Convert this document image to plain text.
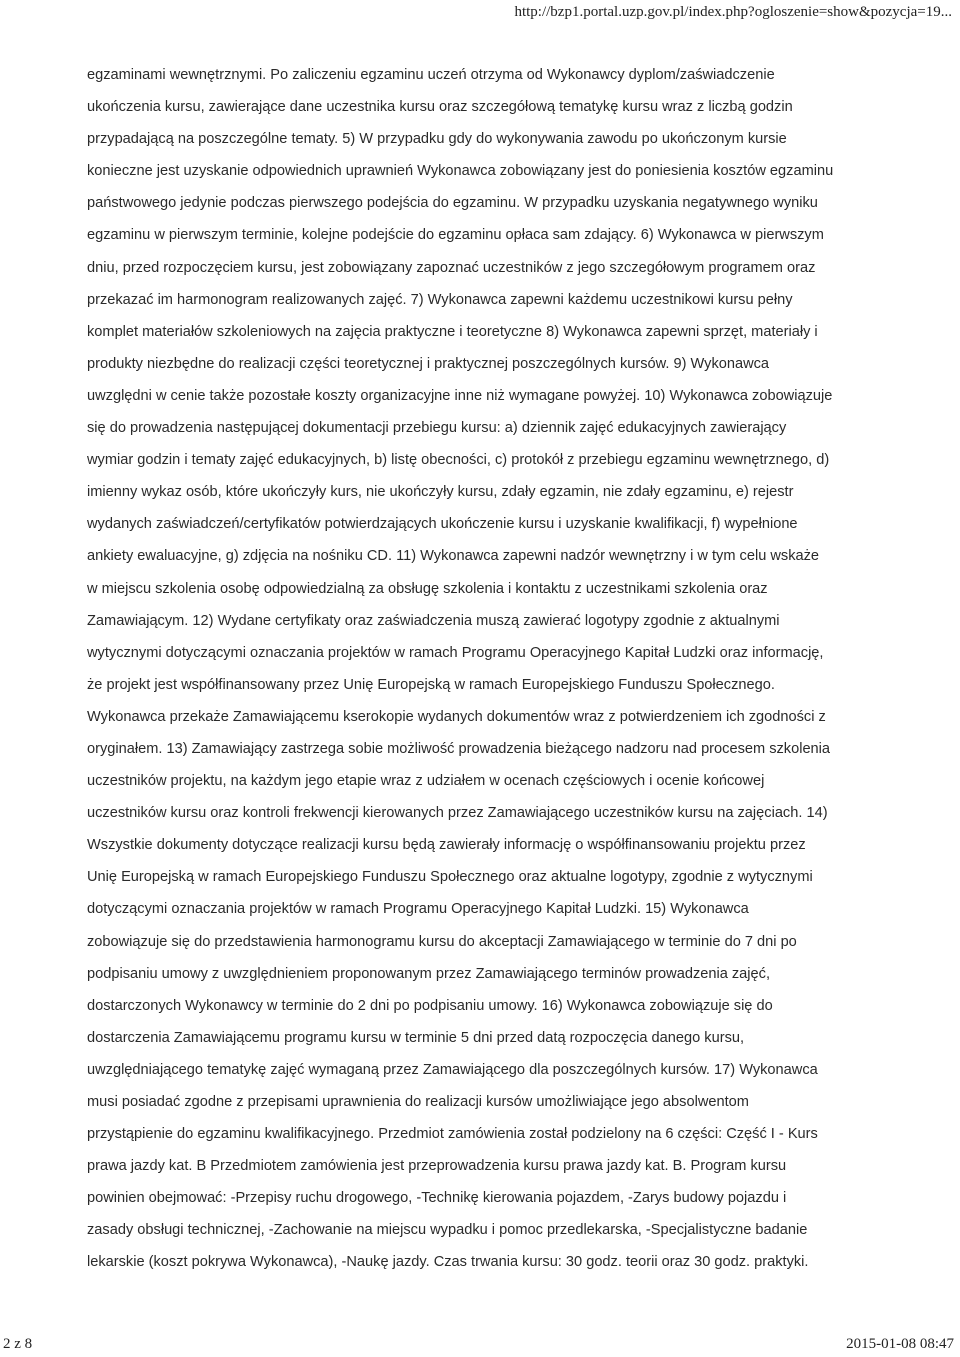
http://bzp1.portal.uzp.gov.pl/index.php?ogloszenie=show&pozycja=19...
egzaminami wewnętrznymi. Po zaliczeniu egzaminu uczeń otrzyma od Wykonawcy dyplom/zaświadczenie
ukończenia kursu, zawierające dane uczestnika kursu oraz szczegółową tematykę kursu wraz z liczbą godzin
przypadającą na poszczególne tematy. 5) W przypadku gdy do wykonywania zawodu po ukończonym kursie
konieczne jest uzyskanie odpowiednich uprawnień Wykonawca zobowiązany jest do poniesienia kosztów egzaminu
państwowego jedynie podczas pierwszego podejścia do egzaminu. W przypadku uzyskania negatywnego wyniku
egzaminu w pierwszym terminie, kolejne podejście do egzaminu opłaca sam zdający. 6) Wykonawca w pierwszym
dniu, przed rozpoczęciem kursu, jest zobowiązany zapoznać uczestników z jego szczegółowym programem oraz
przekazać im harmonogram realizowanych zajęć. 7) Wykonawca zapewni każdemu uczestnikowi kursu pełny
komplet materiałów szkoleniowych na zajęcia praktyczne i teoretyczne 8) Wykonawca zapewni sprzęt, materiały i
produkty niezbędne do realizacji części teoretycznej i praktycznej poszczególnych kursów. 9) Wykonawca
uwzględni w cenie także pozostałe koszty organizacyjne inne niż wymagane powyżej. 10) Wykonawca zobowiązuje
się do prowadzenia następującej dokumentacji przebiegu kursu: a) dziennik zajęć edukacyjnych zawierający
wymiar godzin i tematy zajęć edukacyjnych, b) listę obecności, c) protokół z przebiegu egzaminu wewnętrznego, d)
imienny wykaz osób, które ukończyły kurs, nie ukończyły kursu, zdały egzamin, nie zdały egzaminu, e) rejestr
wydanych zaświadczeń/certyfikatów potwierdzających ukończenie kursu i uzyskanie kwalifikacji, f) wypełnione
ankiety ewaluacyjne, g) zdjęcia na nośniku CD. 11) Wykonawca zapewni nadzór wewnętrzny i w tym celu wskaże
w miejscu szkolenia osobę odpowiedzialną za obsługę szkolenia i kontaktu z uczestnikami szkolenia oraz
Zamawiającym. 12) Wydane certyfikaty oraz zaświadczenia muszą zawierać logotypy zgodnie z aktualnymi
wytycznymi dotyczącymi oznaczania projektów w ramach Programu Operacyjnego Kapitał Ludzki oraz informację,
że projekt jest współfinansowany przez Unię Europejską w ramach Europejskiego Funduszu Społecznego.
Wykonawca przekaże Zamawiającemu kserokopie wydanych dokumentów wraz z potwierdzeniem ich zgodności z
oryginałem. 13) Zamawiający zastrzega sobie możliwość prowadzenia bieżącego nadzoru nad procesem szkolenia
uczestników projektu, na każdym jego etapie wraz z udziałem w ocenach częściowych i ocenie końcowej
uczestników kursu oraz kontroli frekwencji kierowanych przez Zamawiającego uczestników kursu na zajęciach. 14)
Wszystkie dokumenty dotyczące realizacji kursu będą zawierały informację o współfinansowaniu projektu przez
Unię Europejską w ramach Europejskiego Funduszu Społecznego oraz aktualne logotypy, zgodnie z wytycznymi
dotyczącymi oznaczania projektów w ramach Programu Operacyjnego Kapitał Ludzki. 15) Wykonawca
zobowiązuje się do przedstawienia harmonogramu kursu do akceptacji Zamawiającego w terminie do 7 dni po
podpisaniu umowy z uwzględnieniem proponowanym przez Zamawiającego terminów prowadzenia zajęć,
dostarczonych Wykonawcy w terminie do 2 dni po podpisaniu umowy. 16) Wykonawca zobowiązuje się do
dostarczenia Zamawiającemu programu kursu w terminie 5 dni przed datą rozpoczęcia danego kursu,
uwzględniającego tematykę zajęć wymaganą przez Zamawiającego dla poszczególnych kursów. 17) Wykonawca
musi posiadać zgodne z przepisami uprawnienia do realizacji kursów umożliwiające jego absolwentom
przystąpienie do egzaminu kwalifikacyjnego. Przedmiot zamówienia został podzielony na 6 części: Część I - Kurs
prawa jazdy kat. B Przedmiotem zamówienia jest przeprowadzenia kursu prawa jazdy kat. B. Program kursu
powinien obejmować: -Przepisy ruchu drogowego, -Technikę kierowania pojazdem, -Zarys budowy pojazdu i
zasady obsługi technicznej, -Zachowanie na miejscu wypadku i pomoc przedlekarska, -Specjalistyczne badanie
lekarskie (koszt pokrywa Wykonawca), -Naukę jazdy. Czas trwania kursu: 30 godz. teorii oraz 30 godz. praktyki.
2 z 8	2015-01-08 08:47
